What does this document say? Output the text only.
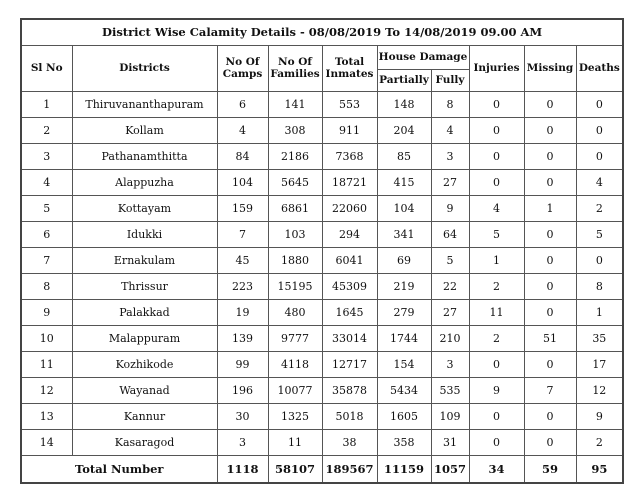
District Wise Calamity Details - 08/08/2019 To 14/08/2019 09.00 AM									
Sl No	Districts	No Of Camps	No Of Families	Total Inmates	House Damage		Injuries	Missing	Deaths
					Partially	Fully			
1	Thiruvananthapuram	6	141	553	148	8	0	0	0
2	Kollam	4	308	911	204	4	0	0	0
3	Pathanamthitta	84	2186	7368	85	3	0	0	0
4	Alappuzha	104	5645	18721	415	27	0	0	4
5	Kottayam	159	6861	22060	104	9	4	1	2
6	Idukki	7	103	294	341	64	5	0	5
7	Ernakulam	45	1880	6041	69	5	1	0	0
8	Thrissur	223	15195	45309	219	22	2	0	8
9	Palakkad	19	480	1645	279	27	11	0	1
10	Malappuram	139	9777	33014	1744	210	2	51	35
11	Kozhikode	99	4118	12717	154	3	0	0	17
12	Wayanad	196	10077	35878	5434	535	9	7	12
13	Kannur	30	1325	5018	1605	109	0	0	9
14	Kasaragod	3	11	38	358	31	0	0	2
Total Number		1118	58107	189567	11159	1057	34	59	95
